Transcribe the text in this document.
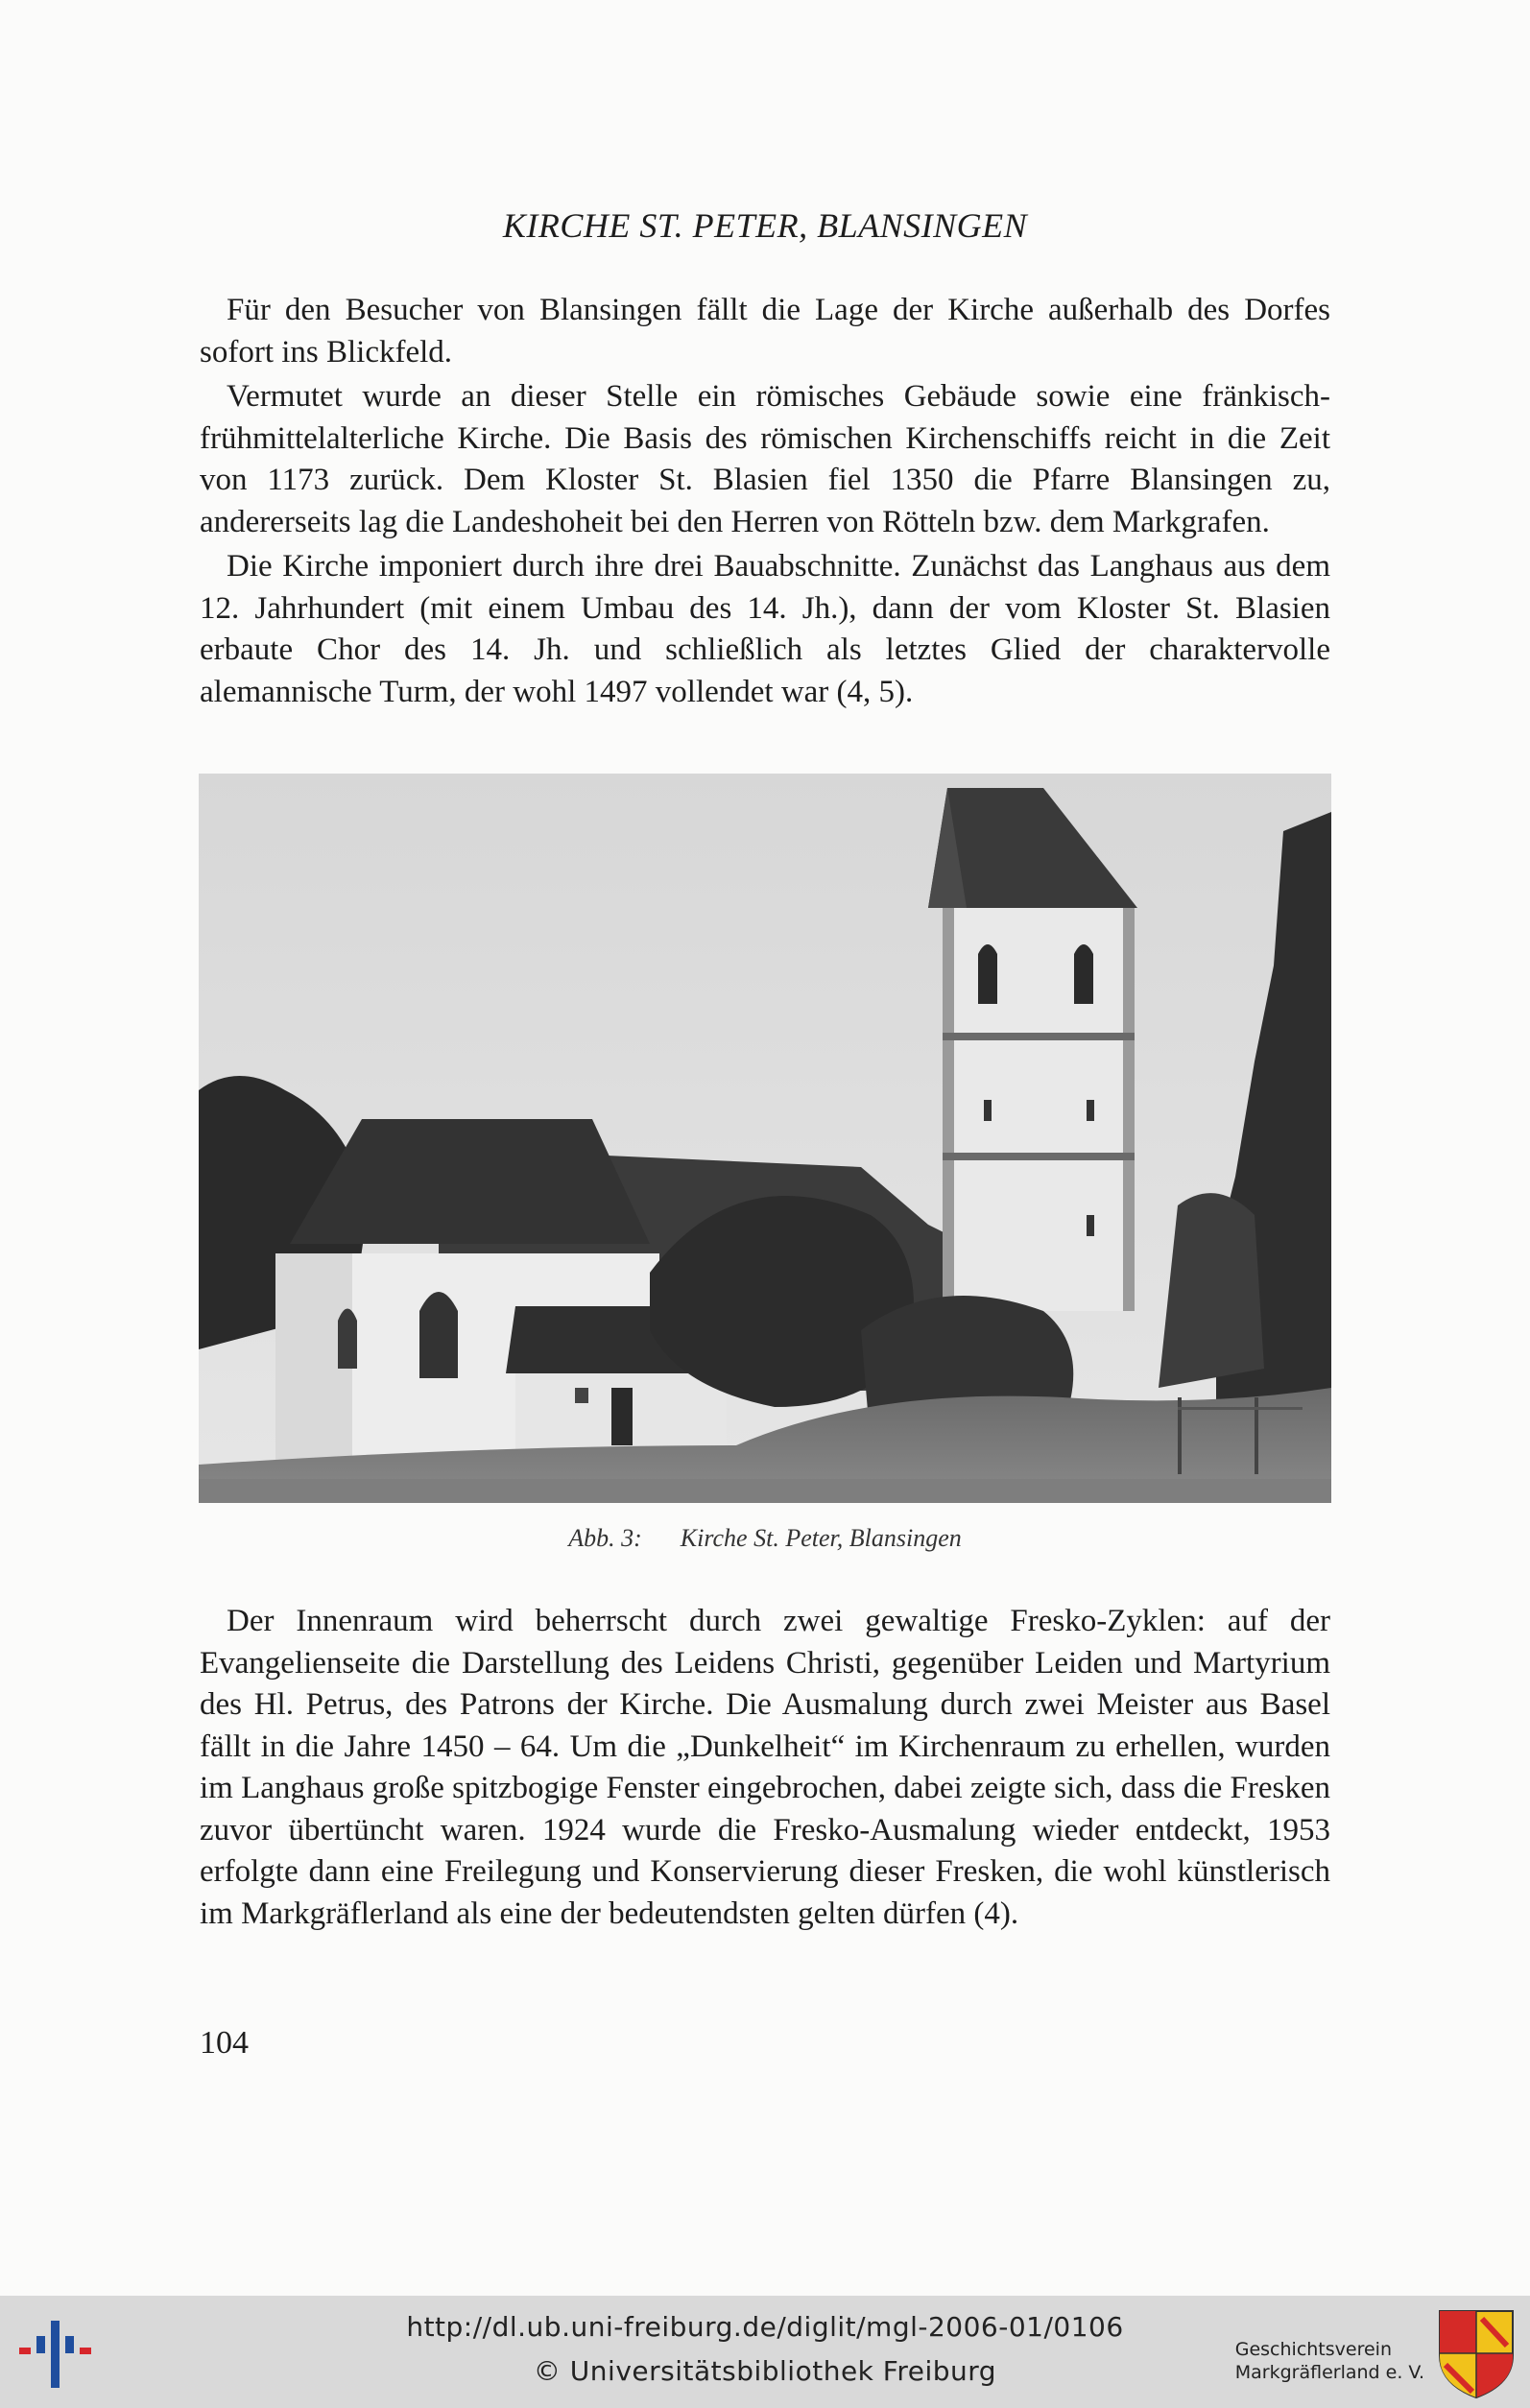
KIRCHE ST. PETER, BLANSINGEN

Für den Besucher von Blansingen fällt die Lage der Kirche außerhalb des Dorfes sofort ins Blickfeld.

Vermutet wurde an dieser Stelle ein römisches Gebäude sowie eine fränkisch-frühmittelalterliche Kirche. Die Basis des römischen Kirchenschiffs reicht in die Zeit von 1173 zurück. Dem Kloster St. Blasien fiel 1350 die Pfarre Blansingen zu, andererseits lag die Landeshoheit bei den Herren von Rötteln bzw. dem Markgrafen.

Die Kirche imponiert durch ihre drei Bauabschnitte. Zunächst das Langhaus aus dem 12. Jahrhundert (mit einem Umbau des 14. Jh.), dann der vom Kloster St. Blasien erbaute Chor des 14. Jh. und schließlich als letztes Glied der charaktervolle alemannische Turm, der wohl 1497 vollendet war (4, 5).

Abb. 3: Kirche St. Peter, Blansingen

Der Innenraum wird beherrscht durch zwei gewaltige Fresko-Zyklen: auf der Evangelienseite die Darstellung des Leidens Christi, gegenüber Leiden und Martyrium des Hl. Petrus, des Patrons der Kirche. Die Ausmalung durch zwei Meister aus Basel fällt in die Jahre 1450 – 64. Um die „Dunkelheit“ im Kirchenraum zu erhellen, wurden im Langhaus große spitzbogige Fenster eingebrochen, dabei zeigte sich, dass die Fresken zuvor übertüncht waren. 1924 wurde die Fresko-Ausmalung wieder entdeckt, 1953 erfolgte dann eine Freilegung und Konservierung dieser Fresken, die wohl künstlerisch im Markgräflerland als eine der bedeutendsten gelten dürfen (4).

104
http://dl.ub.uni-freiburg.de/diglit/mgl-2006-01/0106
© Universitätsbibliothek Freiburg
Geschichtsverein
Markgräflerland e. V.
